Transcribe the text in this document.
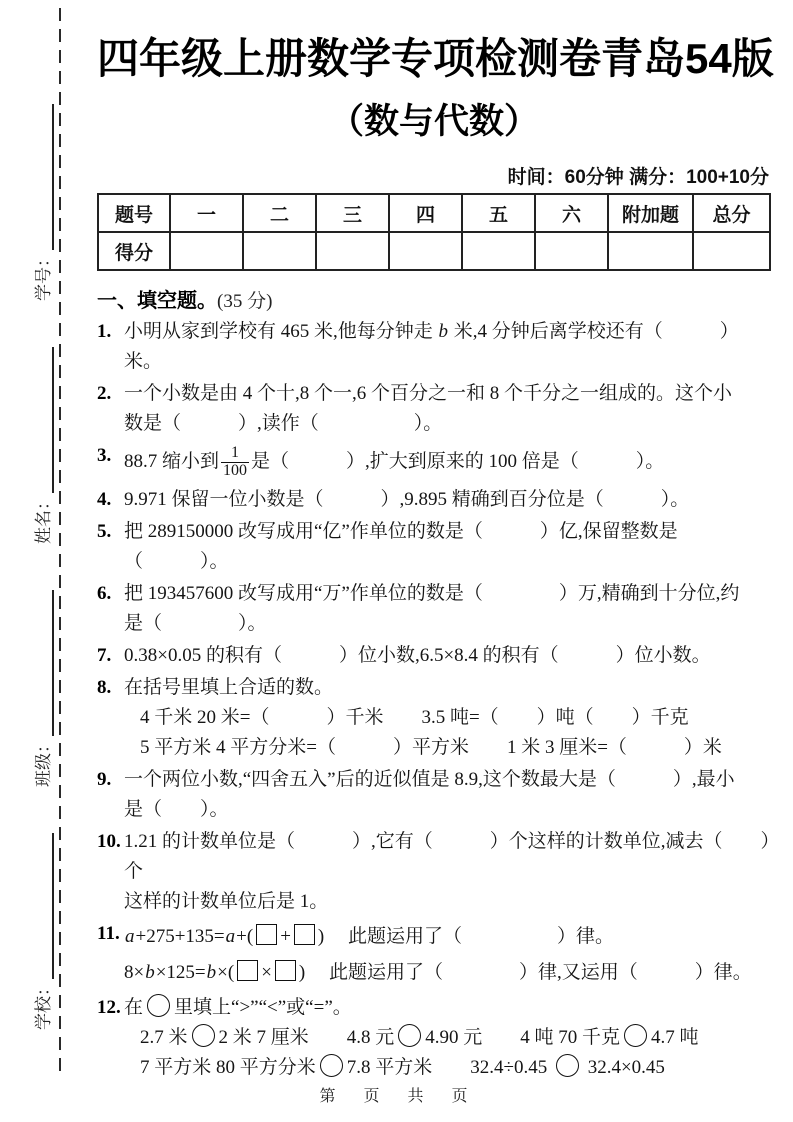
学校：
班级：
姓名：
学号：
四年级上册数学专项检测卷青岛54版
（数与代数）
时间：60分钟 满分：100+10分
题号	一	二	三	四	五	六	附加题	总分
得分								
一、填空题。(35 分)
1. 小明从家到学校有 465 米,他每分钟走 b 米,4 分钟后离学校还有（　　　）米。
2. 一个小数是由 4 个十,8 个一,6 个百分之一和 8 个千分之一组成的。这个小
数是（　　　）,读作（　　　　　）。
3. 88.7 缩小到 $\frac{1}{100}$ 是（　　　）,扩大到原来的 100 倍是（　　　）。
4. 9.971 保留一位小数是（　　　）,9.895 精确到百分位是（　　　）。
5. 把 289150000 改写成用“亿”作单位的数是（　　　）亿,保留整数是（　　　）。
6. 把 193457600 改写成用“万”作单位的数是（　　　　）万,精确到十分位,约
是（　　　　）。
7. 0.38×0.05 的积有（　　　）位小数,6.5×8.4 的积有（　　　）位小数。
8. 在括号里填上合适的数。
4 千米 20 米=（　　　）千米　　3.5 吨=（　　）吨（　　）千克
5 平方米 4 平方分米=（　　　）平方米　　1 米 3 厘米=（　　　）米
9. 一个两位小数,“四舍五入”后的近似值是 8.9,这个数最大是（　　　）,最小
是（　　）。
10. 1.21 的计数单位是（　　　）,它有（　　　）个这样的计数单位,减去（　　）个
这样的计数单位后是 1。
11. a+275+135=a+( + )　 此题运用了（　　　　　）律。
8×b×125=b×( × )　 此题运用了（　　　　）律,又运用（　　　）律。
12. 在 里填上“>”“<”或“=”。
2.7 米 2 米 7 厘米　　4.8 元 4.90 元　　4 吨 70 千克 4.7 吨
7 平方米 80 平方分米 7.8 平方米　　32.4÷0.45  32.4×0.45
第　页　共　页
